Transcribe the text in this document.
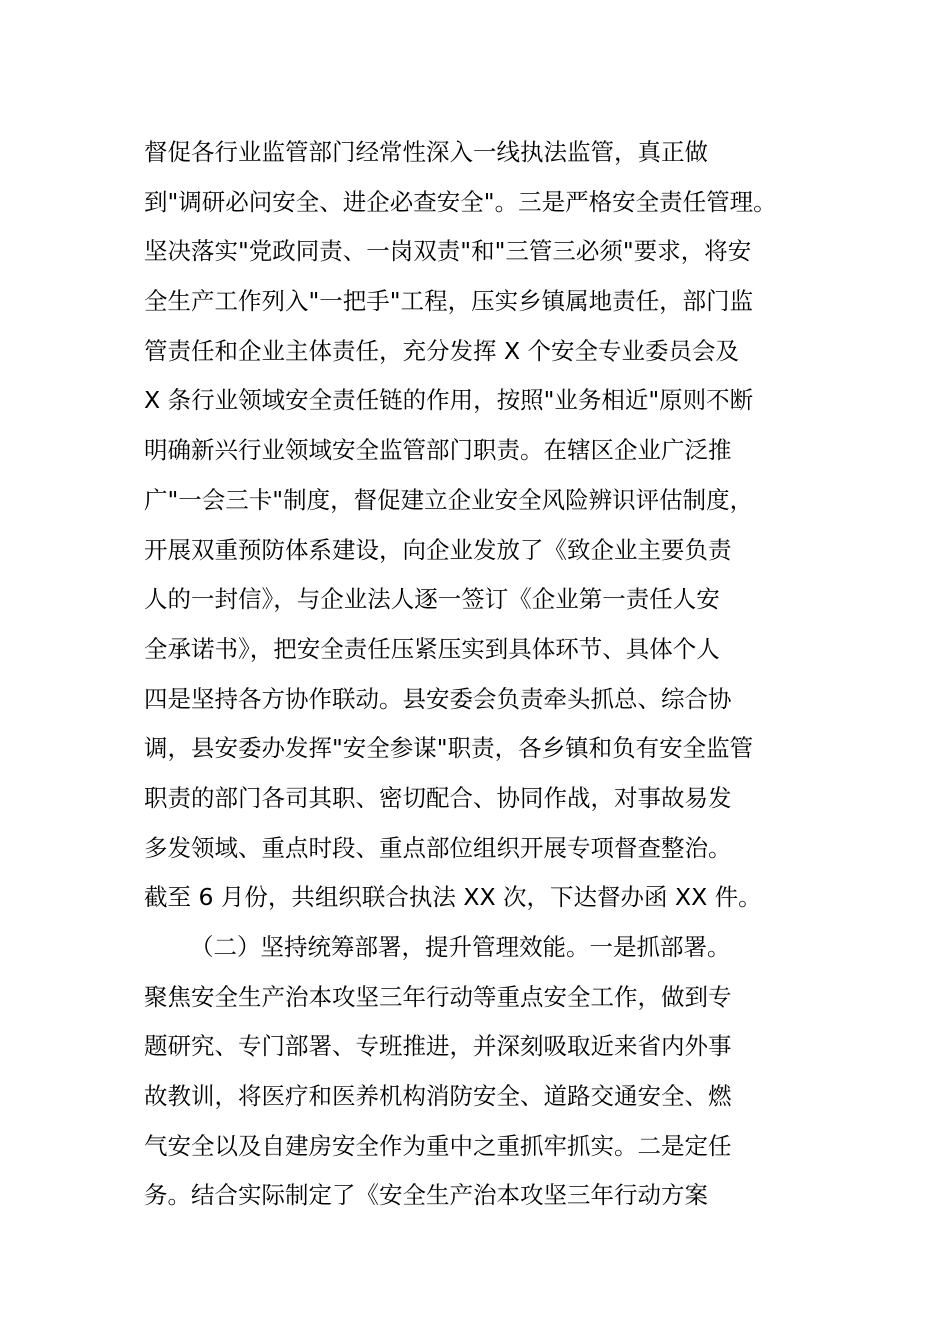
督促各行业监管部门经常性深入一线执法监管，真正做
到"调研必问安全、进企必查安全"。三是严格安全责任管理。
坚决落实"党政同责、一岗双责"和"三管三必须"要求，将安
全生产工作列入"一把手"工程，压实乡镇属地责任，部门监
管责任和企业主体责任，充分发挥 X 个安全专业委员会及
X 条行业领域安全责任链的作用，按照"业务相近"原则不断
明确新兴行业领域安全监管部门职责。在辖区企业广泛推
广"一会三卡"制度，督促建立企业安全风险辨识评估制度，
开展双重预防体系建设，向企业发放了《致企业主要负责
人的一封信》，与企业法人逐一签订《企业第一责任人安
全承诺书》，把安全责任压紧压实到具体环节、具体个人
四是坚持各方协作联动。县安委会负责牵头抓总、综合协
调，县安委办发挥"安全参谋"职责，各乡镇和负有安全监管
职责的部门各司其职、密切配合、协同作战，对事故易发
多发领域、重点时段、重点部位组织开展专项督查整治。
截至 6 月份，共组织联合执法 XX 次，下达督办函 XX 件。
（二）坚持统筹部署，提升管理效能。一是抓部署。
聚焦安全生产治本攻坚三年行动等重点安全工作，做到专
题研究、专门部署、专班推进，并深刻吸取近来省内外事
故教训，将医疗和医养机构消防安全、道路交通安全、燃
气安全以及自建房安全作为重中之重抓牢抓实。二是定任
务。结合实际制定了《安全生产治本攻坚三年行动方案
